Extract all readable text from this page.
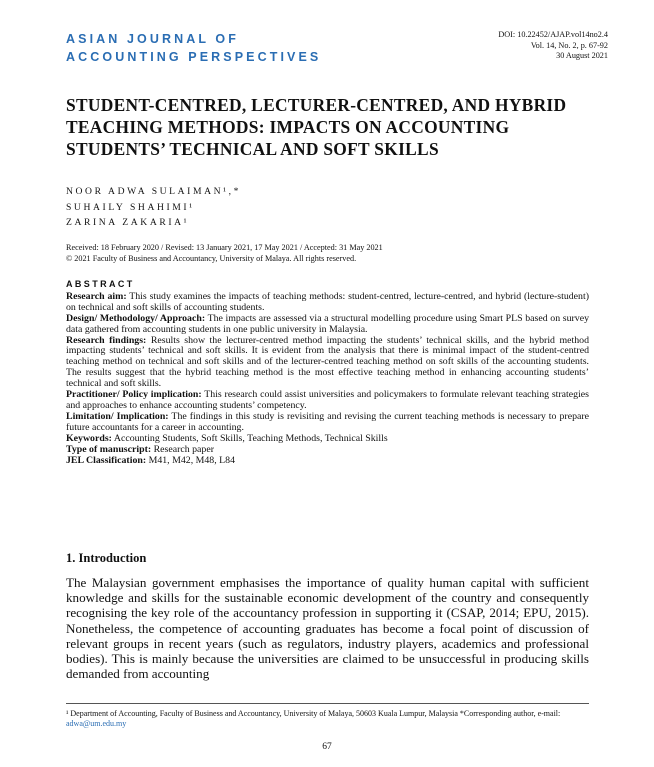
ASIAN JOURNAL OF
ACCOUNTING PERSPECTIVES
DOI: 10.22452/AJAP.vol14no2.4
Vol. 14, No. 2, p. 67-92
30 August 2021
STUDENT-CENTRED, LECTURER-CENTRED, AND HYBRID TEACHING METHODS: IMPACTS ON ACCOUNTING STUDENTS’ TECHNICAL AND SOFT SKILLS
NOOR ADWA SULAIMAN¹,*
SUHAILY SHAHIMI¹
ZARINA ZAKARIA¹
Received: 18 February 2020 / Revised: 13 January 2021, 17 May 2021 / Accepted: 31 May 2021
© 2021 Faculty of Business and Accountancy, University of Malaya. All rights reserved.
ABSTRACT

Research aim: This study examines the impacts of teaching methods: student-centred, lecture-centred, and hybrid (lecture-student) on technical and soft skills of accounting students.

Design/ Methodology/ Approach: The impacts are assessed via a structural modelling procedure using Smart PLS based on survey data gathered from accounting students in one public university in Malaysia.

Research findings: Results show the lecturer-centred method impacting the students’ technical skills, and the hybrid method impacting students’ technical and soft skills. It is evident from the analysis that there is minimal impact of the student-centred teaching method on technical and soft skills and of the lecturer-centred teaching method on soft skills of the accounting students. The results suggest that the hybrid teaching method is the most effective teaching method in enhancing accounting students’ technical and soft skills.

Practitioner/ Policy implication: This research could assist universities and policymakers to formulate relevant teaching strategies and approaches to enhance accounting students’ competency.

Limitation/ Implication: The findings in this study is revisiting and revising the current teaching methods is necessary to prepare future accountants for a career in accounting.

Keywords: Accounting Students, Soft Skills, Teaching Methods, Technical Skills

Type of manuscript: Research paper

JEL Classification: M41, M42, M48, L84

1. Introduction
The Malaysian government emphasises the importance of quality human capital with sufficient knowledge and skills for the sustainable economic development of the country and consequently recognising the key role of the accountancy profession in supporting it (CSAP, 2014; EPU, 2015). Nonetheless, the competence of accounting graduates has become a focal point of discussion of relevant groups in recent years (such as regulators, industry players, academics and professional bodies). This is mainly because the universities are claimed to be unsuccessful in producing skills demanded from accounting
¹ Department of Accounting, Faculty of Business and Accountancy, University of Malaya, 50603 Kuala Lumpur, Malaysia *Corresponding author, e-mail: adwa@um.edu.my
67
